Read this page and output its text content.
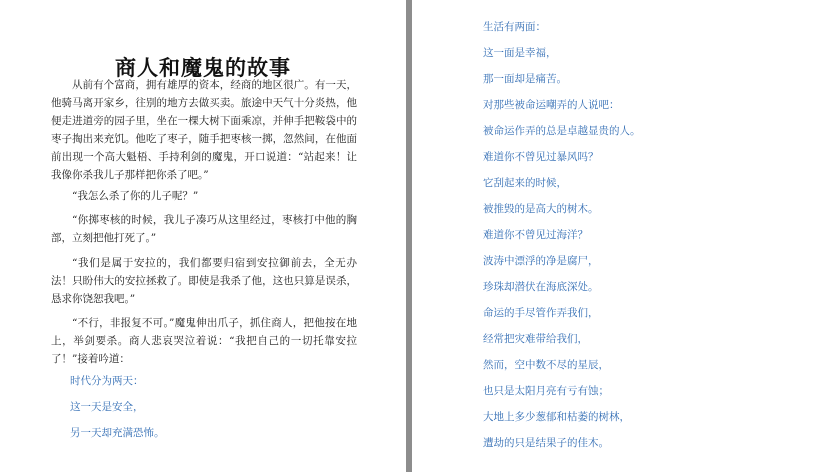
商人和魔鬼的故事

从前有个富商，拥有雄厚的资本，经商的地区很广。有一天，他骑马离开家乡，往别的地方去做买卖。旅途中天气十分炎热，他便走进道旁的园子里，坐在一棵大树下面乘凉，并伸手把鞍袋中的枣子掏出来充饥。他吃了枣子，随手把枣核一掷，忽然间，在他面前出现一个高大魁梧、手持利剑的魔鬼，开口说道：“站起来！让我像你杀我儿子那样把你杀了吧。”

“我怎么杀了你的儿子呢？”

“你掷枣核的时候，我儿子凑巧从这里经过，枣核打中他的胸部，立刻把他打死了。”

“我们是属于安拉的，我们都要归宿到安拉御前去，全无办法！只盼伟大的安拉拯救了。即使是我杀了他，这也只算是误杀，恳求你饶恕我吧。”

“不行，非报复不可。”魔鬼伸出爪子，抓住商人，把他按在地上，举剑要杀。商人悲哀哭泣着说：“我把自己的一切托靠安拉了！”接着吟道：

时代分为两天：

这一天是安全，

另一天却充满恐怖。

生活有两面：

这一面是幸福，

那一面却是痛苦。

对那些被命运嘲弄的人说吧：

被命运作弄的总是卓越显贵的人。

难道你不曾见过暴风吗？

它刮起来的时候，

被推毁的是高大的树木。

难道你不曾见过海洋？

波涛中漂浮的净是腐尸，

珍珠却潜伏在海底深处。

命运的手尽管作弄我们，

经常把灾难带给我们，

然而，空中数不尽的星辰，

也只是太阳月亮有亏有蚀；

大地上多少葱郁和枯萎的树林，

遭劫的只是结果子的佳木。
